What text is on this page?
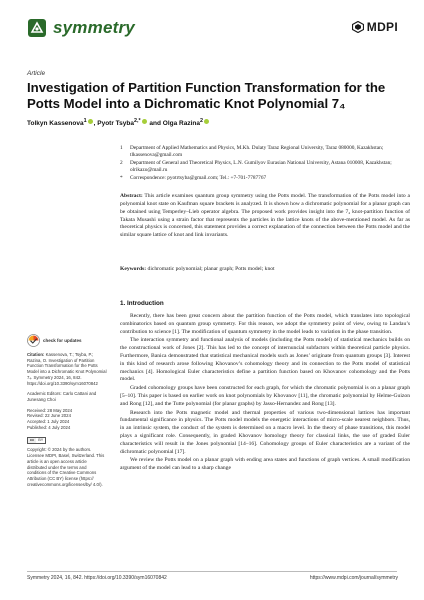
symmetry	MDPI
Article
Investigation of Partition Function Transformation for the Potts Model into a Dichromatic Knot Polynomial 7₄
Tolkyn Kassenova$^1$ , Pyotr Tsyba$^{2,*}$ and Olga Razina$^2$
1	Department of Applied Mathematics and Physics, M.Kh. Dulaty Taraz Regional University, Taraz 080000, Kazakhstan; tlkassenova@gmail.com
2	Department of General and Theoretical Physics, L.N. Gumilyov Eurasian National University, Astana 010008, Kazakhstan; olrikazo@mail.ru
*	Correspondence: pyotrtsyba@gmail.com; Tel.: +7-701-7787767

Abstract: This article examines quantum group symmetry using the Potts model. The transformation of the Potts model into a polynomial knot state on Kaufman square brackets is analyzed. It is shown how a dichromatic polynomial for a planar graph can be obtained using Temperley–Lieb operator algebra. The proposed work provides insight into the 7₄ knot-partition function of Takata Musashi using a strain factor that represents the particles in the lattice knots of the above-mentioned model. As far as theoretical physics is concerned, this statement provides a correct explanation of the connection between the Potts model and the similar square lattice of knot and link invariants.

Keywords: dichromatic polynomial; planar graph; Potts model; knot
check for updates
Citation: Kassenova, T.; Tsyba, P.; Razina, O. Investigation of Partition Function Transformation for the Potts Model into a Dichromatic Knot Polynomial 7₄. Symmetry 2024, 16, 842. https://doi.org/10.3390/sym16070842
Academic Editors: Carlo Cattani and Junesang Choi
Received: 28 May 2024
Revised: 22 June 2024
Accepted: 1 July 2024
Published: 4 July 2024
cc	BY
Copyright: © 2024 by the authors. Licensee MDPI, Basel, Switzerland. This article is an open access article distributed under the terms and conditions of the Creative Commons Attribution (CC BY) license (https:// creativecommons.org/licenses/by/ 4.0/).
1. Introduction

Recently, there has been great concern about the partition function of the Potts model, which translates into topological combinatorics based on quantum group symmetry. For this reason, we adopt the symmetry point of view, owing to Landau’s contribution to science [1]. The modification of quantum symmetry in the model leads to variation in the phase transition.

The interaction symmetry and functional analysis of models (including the Potts model) of statistical mechanics builds on the constructional work of Jones [2]. This has led to the concept of internuncial subfactors within theoretical particle physics. Furthermore, Banica demonstrated that statistical mechanical models such as Jones’ originate from quantum groups [3]. Interest in this kind of research arose following Khovanov’s cohomology theory and its connection to the Potts model of statistical mechanics [4]. Homological Euler characteristics define a partition function based on Khovanov cohomology and the Potts model.

Graded cohomology groups have been constructed for each graph, for which the chromatic polynomial is on a planar graph [5–10]. This paper is based on earlier work on knot polynomials by Khovanov [11], the chromatic polynomial by Helme-Guizon and Rong [12], and the Tutte polynomial (for planar graphs) by Jasso-Hernandez and Rong [13].

Research into the Potts magnetic model and thermal properties of various two-dimensional lattices has important fundamental significance in physics. The Potts model models the energetic interactions of micro-scale nearest neighbors. Thus, in an intrinsic system, the conduct of the system is determined on a macro level. In the theory of phase transitions, this model plays a significant role. Consequently, in graded Khovanov homology theory for classical links, the use of graded Euler characteristics will result in the Jones polynomial [14–16]. Cohomology groups of Euler characteristics are a variant of the dichromatic polynomial [17].

We review the Potts model on a planar graph with ending area states and functions of graph vertices. A small modification argument of the model can lead to a sharp change

Symmetry 2024, 16, 842. https://doi.org/10.3390/sym16070842	https://www.mdpi.com/journal/symmetry
